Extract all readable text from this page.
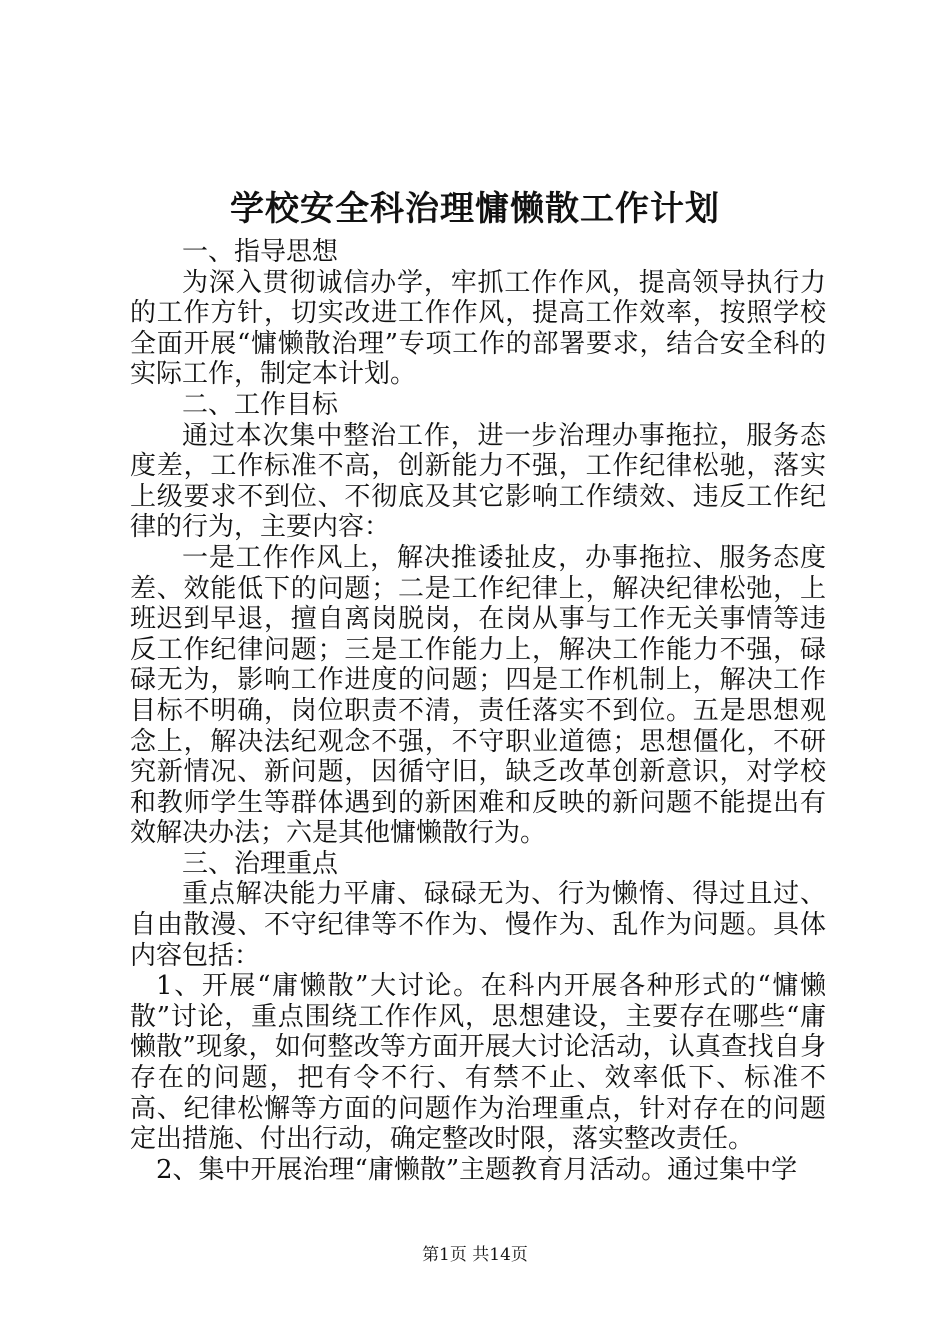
学校安全科治理慵懒散工作计划

一、指导思想

为深入贯彻诚信办学，牢抓工作作风，提高领导执行力的工作方针，切实改进工作作风，提高工作效率，按照学校全面开展“慵懒散治理”专项工作的部署要求，结合安全科的实际工作，制定本计划。

二、工作目标

通过本次集中整治工作，进一步治理办事拖拉，服务态度差，工作标准不高，创新能力不强，工作纪律松驰，落实上级要求不到位、不彻底及其它影响工作绩效、违反工作纪律的行为，主要内容：

一是工作作风上，解决推诿扯皮，办事拖拉、服务态度差、效能低下的问题；二是工作纪律上，解决纪律松弛，上班迟到早退，擅自离岗脱岗，在岗从事与工作无关事情等违反工作纪律问题；三是工作能力上，解决工作能力不强，碌碌无为，影响工作进度的问题；四是工作机制上，解决工作目标不明确，岗位职责不清，责任落实不到位。五是思想观念上，解决法纪观念不强，不守职业道德；思想僵化，不研究新情况、新问题，因循守旧，缺乏改革创新意识，对学校和教师学生等群体遇到的新困难和反映的新问题不能提出有效解决办法；六是其他慵懒散行为。

三、治理重点

重点解决能力平庸、碌碌无为、行为懒惰、得过且过、自由散漫、不守纪律等不作为、慢作为、乱作为问题。具体内容包括：

1、开展“庸懒散”大讨论。在科内开展各种形式的“慵懒散”讨论，重点围绕工作作风，思想建设，主要存在哪些“庸懒散”现象，如何整改等方面开展大讨论活动，认真查找自身存在的问题，把有令不行、有禁不止、效率低下、标准不高、纪律松懈等方面的问题作为治理重点，针对存在的问题定出措施、付出行动，确定整改时限，落实整改责任。

2、集中开展治理“庸懒散”主题教育月活动。通过集中学

第1页 共14页
